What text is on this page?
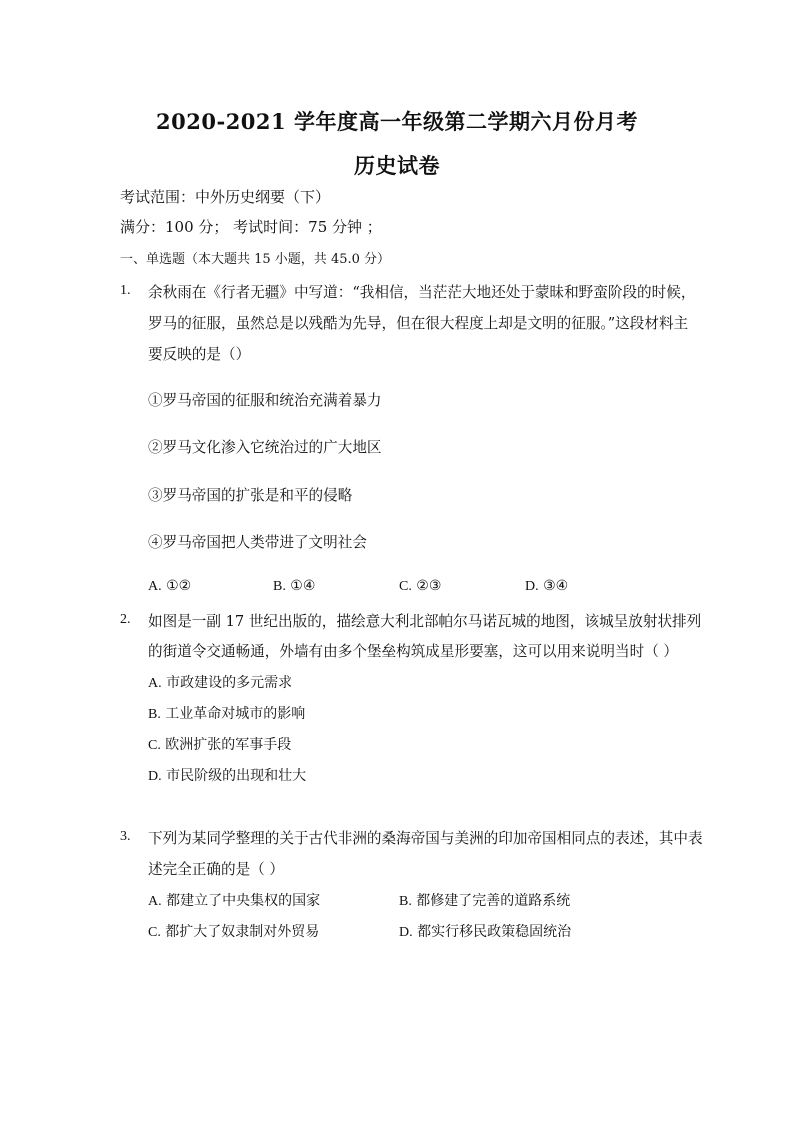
2020-2021 学年度高一年级第二学期六月份月考
历史试卷
考试范围：中外历史纲要（下）
满分：100 分； 考试时间：75 分钟 ；
一、单选题（本大题共 15 小题，共 45.0 分）
1. 余秋雨在《行者无疆》中写道：“我相信，当茫茫大地还处于蒙昧和野蛮阶段的时候，
罗马的征服，虽然总是以残酷为先导，但在很大程度上却是文明的征服。”这段材料主
要反映的是（）
①罗马帝国的征服和统治充满着暴力
②罗马文化渗入它统治过的广大地区
③罗马帝国的扩张是和平的侵略
④罗马帝国把人类带进了文明社会
A. ①②	B. ①④	C. ②③	D. ③④
2. 如图是一副 17 世纪出版的，描绘意大利北部帕尔马诺瓦城的地图，该城呈放射状排列
的街道令交通畅通，外墙有由多个堡垒构筑成星形要塞，这可以用来说明当时（ ）
A. 市政建设的多元需求
B. 工业革命对城市的影响
C. 欧洲扩张的军事手段
D. 市民阶级的出现和壮大
3. 下列为某同学整理的关于古代非洲的桑海帝国与美洲的印加帝国相同点的表述，其中表
述完全正确的是（ ）
A. 都建立了中央集权的国家	B. 都修建了完善的道路系统
C. 都扩大了奴隶制对外贸易	D. 都实行移民政策稳固统治
